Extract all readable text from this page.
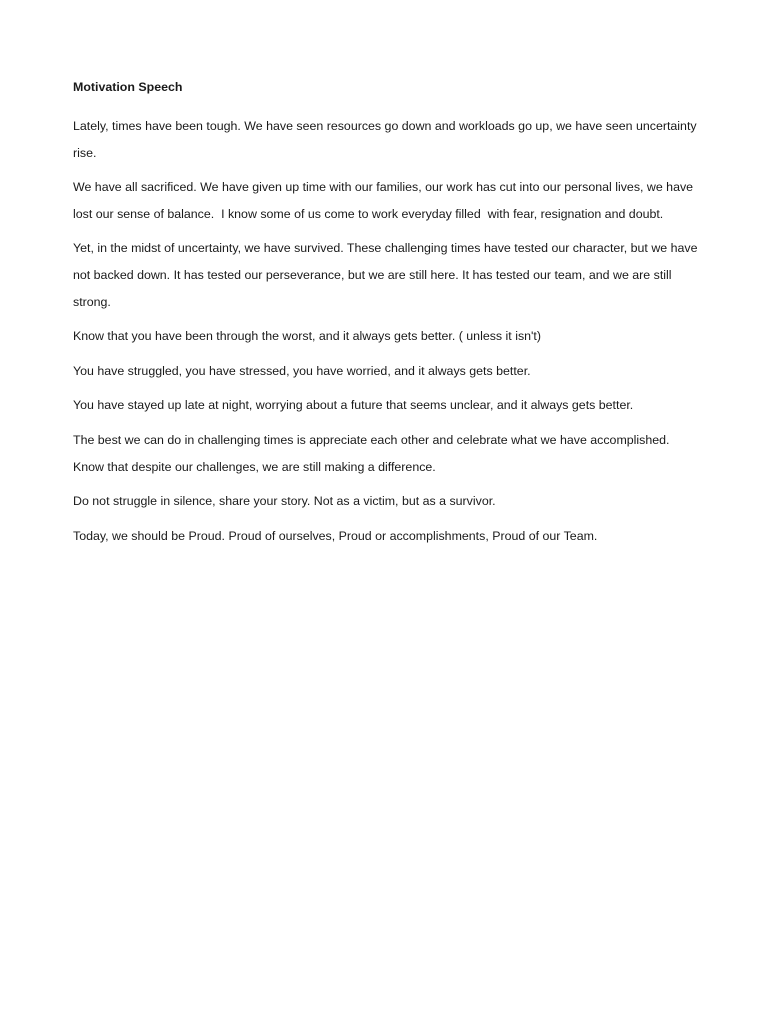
Motivation Speech

Lately, times have been tough. We have seen resources go down and workloads go up, we have seen uncertainty rise.

We have all sacrificed. We have given up time with our families, our work has cut into our personal lives, we have lost our sense of balance.  I know some of us come to work everyday filled  with fear, resignation and doubt.

Yet, in the midst of uncertainty, we have survived. These challenging times have tested our character, but we have not backed down. It has tested our perseverance, but we are still here. It has tested our team, and we are still strong.

Know that you have been through the worst, and it always gets better. ( unless it isn't)

You have struggled, you have stressed, you have worried, and it always gets better.

You have stayed up late at night, worrying about a future that seems unclear, and it always gets better.

The best we can do in challenging times is appreciate each other and celebrate what we have accomplished. Know that despite our challenges, we are still making a difference.

Do not struggle in silence, share your story. Not as a victim, but as a survivor.

Today, we should be Proud. Proud of ourselves, Proud or accomplishments, Proud of our Team.
